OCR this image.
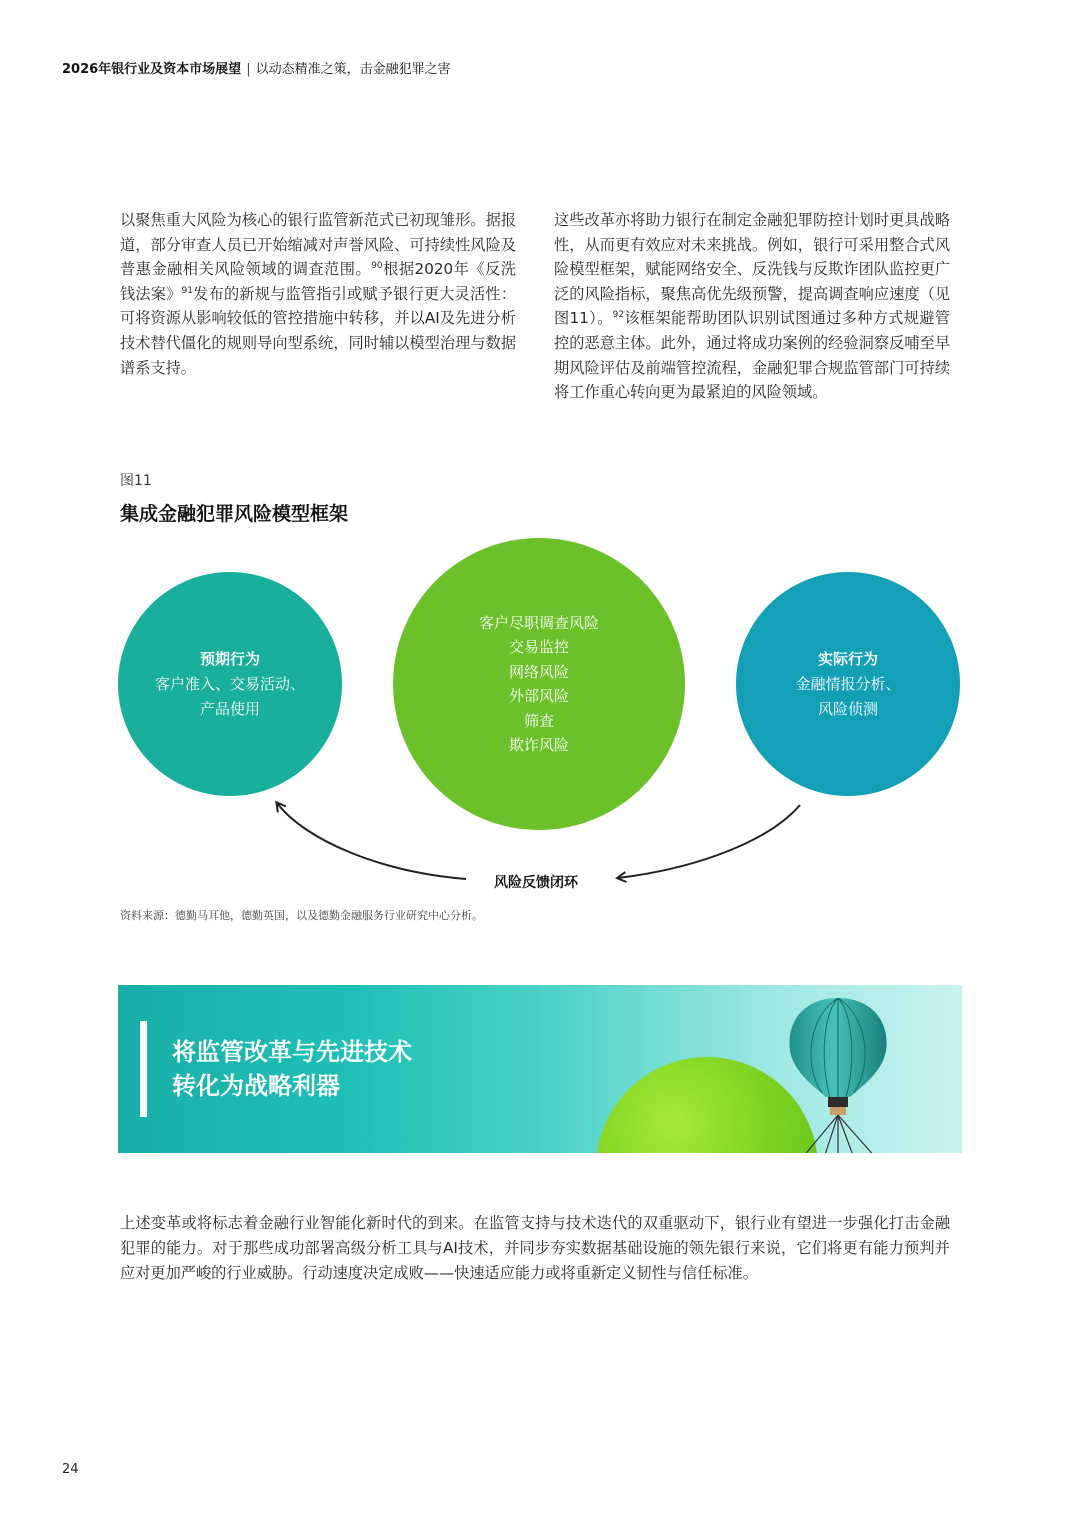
2026年银行业及资本市场展望 | 以动态精准之策，击金融犯罪之害

以聚焦重大风险为核心的银行监管新范式已初现雏形。据报道，部分审查人员已开始缩减对声誉风险、可持续性风险及普惠金融相关风险领域的调查范围。$^{90}$根据2020年《反洗钱法案》$^{91}$发布的新规与监管指引或赋予银行更大灵活性：可将资源从影响较低的管控措施中转移，并以AI及先进分析技术替代僵化的规则导向型系统，同时辅以模型治理与数据谱系支持。

这些改革亦将助力银行在制定金融犯罪防控计划时更具战略性，从而更有效应对未来挑战。例如，银行可采用整合式风险模型框架，赋能网络安全、反洗钱与反欺诈团队监控更广泛的风险指标，聚焦高优先级预警，提高调查响应速度（见图11）。$^{92}$该框架能帮助团队识别试图通过多种方式规避管控的恶意主体。此外，通过将成功案例的经验洞察反哺至早期风险评估及前端管控流程，金融犯罪合规监管部门可持续将工作重心转向更为最紧迫的风险领域。

图11
集成金融犯罪风险模型框架
预期行为
客户准入、交易活动、
产品使用
客户尽职调查风险
交易监控
网络风险
外部风险
筛查
欺诈风险
实际行为
金融情报分析、
风险侦测
风险反馈闭环
资料来源：德勤马耳他，德勤英国，以及德勤金融服务行业研究中心分析。
将监管改革与先进技术
转化为战略利器

上述变革或将标志着金融行业智能化新时代的到来。在监管支持与技术迭代的双重驱动下，银行业有望进一步强化打击金融犯罪的能力。对于那些成功部署高级分析工具与AI技术，并同步夯实数据基础设施的领先银行来说，它们将更有能力预判并应对更加严峻的行业威胁。行动速度决定成败——快速适应能力或将重新定义韧性与信任标准。

24
